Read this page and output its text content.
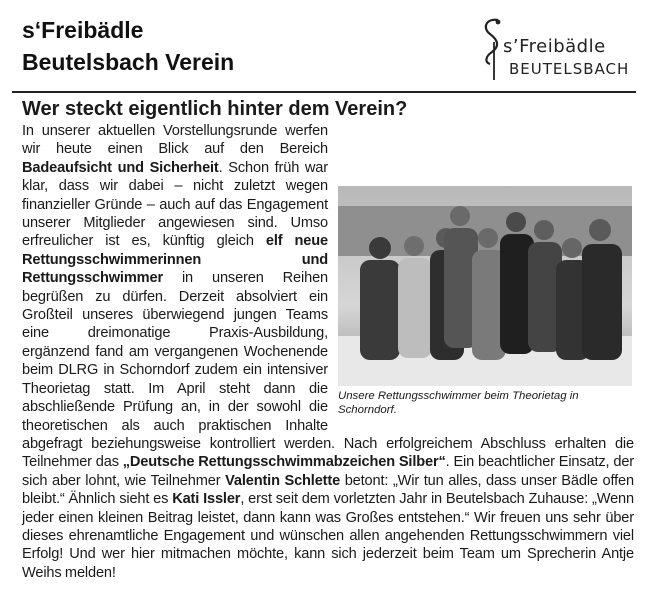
s‘Freibädle
Beutelsbach Verein
s’Freibädle
BEUTELSBACH
Wer steckt eigentlich hinter dem Verein?
Unsere Rettungsschwimmer beim Theorietag in Schorndorf.
In unserer aktuellen Vorstellungsrunde werfen wir heute einen Blick auf den Bereich Badeaufsicht und Sicherheit. Schon früh war klar, dass wir dabei – nicht zuletzt wegen finanzieller Gründe – auch auf das Engagement unserer Mitglieder angewiesen sind. Umso erfreulicher ist es, künftig gleich elf neue Rettungsschwimmerinnen und Rettungsschwimmer in unseren Reihen begrüßen zu dürfen. Derzeit absolviert ein Großteil unseres überwiegend jungen Teams eine dreimonatige Praxis-Ausbildung, ergänzend fand am vergangenen Wochenende beim DLRG in Schorndorf zudem ein intensiver Theorietag statt. Im April steht dann die abschließende Prüfung an, in der sowohl die theoretischen als auch praktischen Inhalte abgefragt beziehungsweise kontrolliert werden. Nach erfolgreichem Abschluss erhalten die Teilnehmer das „Deutsche Rettungsschwimmabzeichen Silber“. Ein beachtlicher Einsatz, der sich aber lohnt, wie Teilnehmer Valentin Schlette betont: „Wir tun alles, dass unser Bädle offen bleibt.“ Ähnlich sieht es Kati Issler, erst seit dem vorletzten Jahr in Beutelsbach Zuhause: „Wenn jeder einen kleinen Beitrag leistet, dann kann was Großes entstehen.“ Wir freuen uns sehr über dieses ehrenamtliche Engagement und wünschen allen angehenden Rettungsschwimmern viel Erfolg! Und wer hier mitmachen möchte, kann sich jederzeit beim Team um Sprecherin Antje Weihs melden!
